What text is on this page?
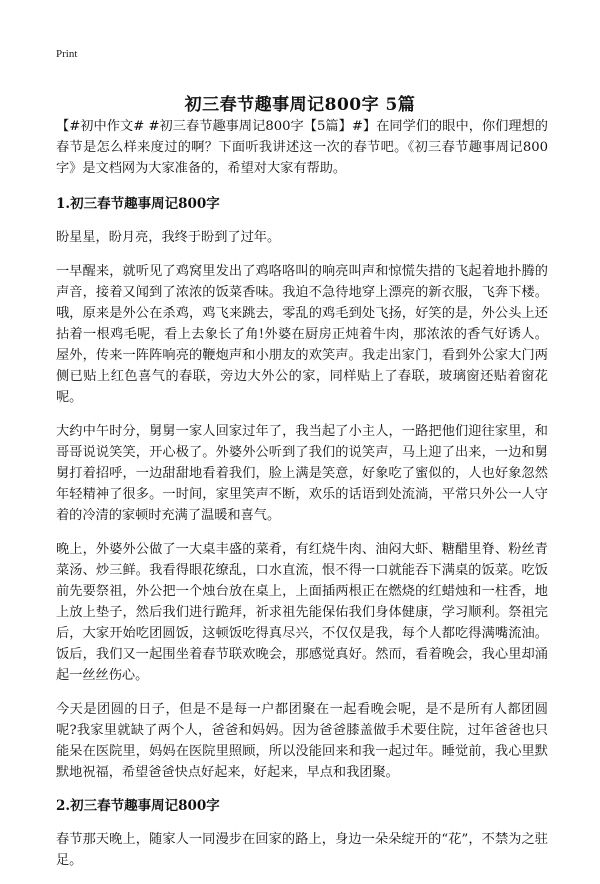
Print
初三春节趣事周记800字 5篇

【#初中作文# #初三春节趣事周记800字【5篇】#】在同学们的眼中，你们理想的春节是怎么样来度过的啊？下面听我讲述这一次的春节吧。《初三春节趣事周记800字》是文档网为大家准备的，希望对大家有帮助。

1.初三春节趣事周记800字

盼星星，盼月亮，我终于盼到了过年。

一早醒来，就听见了鸡窝里发出了鸡咯咯叫的响亮叫声和惊慌失措的飞起着地扑腾的声音，接着又闻到了浓浓的饭菜香味。我迫不急待地穿上漂亮的新衣服，飞奔下楼。哦，原来是外公在杀鸡，鸡飞来跳去，零乱的鸡毛到处飞扬，好笑的是，外公头上还拈着一根鸡毛呢，看上去象长了角!外婆在厨房正炖着牛肉，那浓浓的香气好诱人。屋外，传来一阵阵响亮的鞭炮声和小朋友的欢笑声。我走出家门，看到外公家大门两侧已贴上红色喜气的春联，旁边大外公的家，同样贴上了春联，玻璃窗还贴着窗花呢。

大约中午时分，舅舅一家人回家过年了，我当起了小主人，一路把他们迎往家里，和哥哥说说笑笑，开心极了。外婆外公听到了我们的说笑声，马上迎了出来，一边和舅舅打着招呼，一边甜甜地看着我们，脸上满是笑意，好象吃了蜜似的，人也好象忽然年轻精神了很多。一时间，家里笑声不断，欢乐的话语到处流淌，平常只外公一人守着的冷清的家顿时充满了温暖和喜气。

晚上，外婆外公做了一大桌丰盛的菜肴，有红烧牛肉、油闷大虾、糖醋里脊、粉丝青菜汤、炒三鲜。我看得眼花缭乱，口水直流，恨不得一口就能吞下满桌的饭菜。吃饭前先要祭祖，外公把一个烛台放在桌上，上面插两根正在燃烧的红蜡烛和一柱香，地上放上垫子，然后我们进行跪拜，祈求祖先能保佑我们身体健康，学习顺利。祭祖完后，大家开始吃团圆饭，这顿饭吃得真尽兴，不仅仅是我，每个人都吃得满嘴流油。饭后，我们又一起围坐着春节联欢晚会，那感觉真好。然而，看着晚会，我心里却涌起一丝丝伤心。

今天是团圆的日子，但是不是每一户都团聚在一起看晚会呢，是不是所有人都团圆呢?我家里就缺了两个人，爸爸和妈妈。因为爸爸膝盖做手术要住院，过年爸爸也只能呆在医院里，妈妈在医院里照顾，所以没能回来和我一起过年。睡觉前，我心里默默地祝福，希望爸爸快点好起来，好起来，早点和我团聚。

2.初三春节趣事周记800字

春节那天晚上，随家人一同漫步在回家的路上，身边一朵朵绽开的“花”，不禁为之驻足。
